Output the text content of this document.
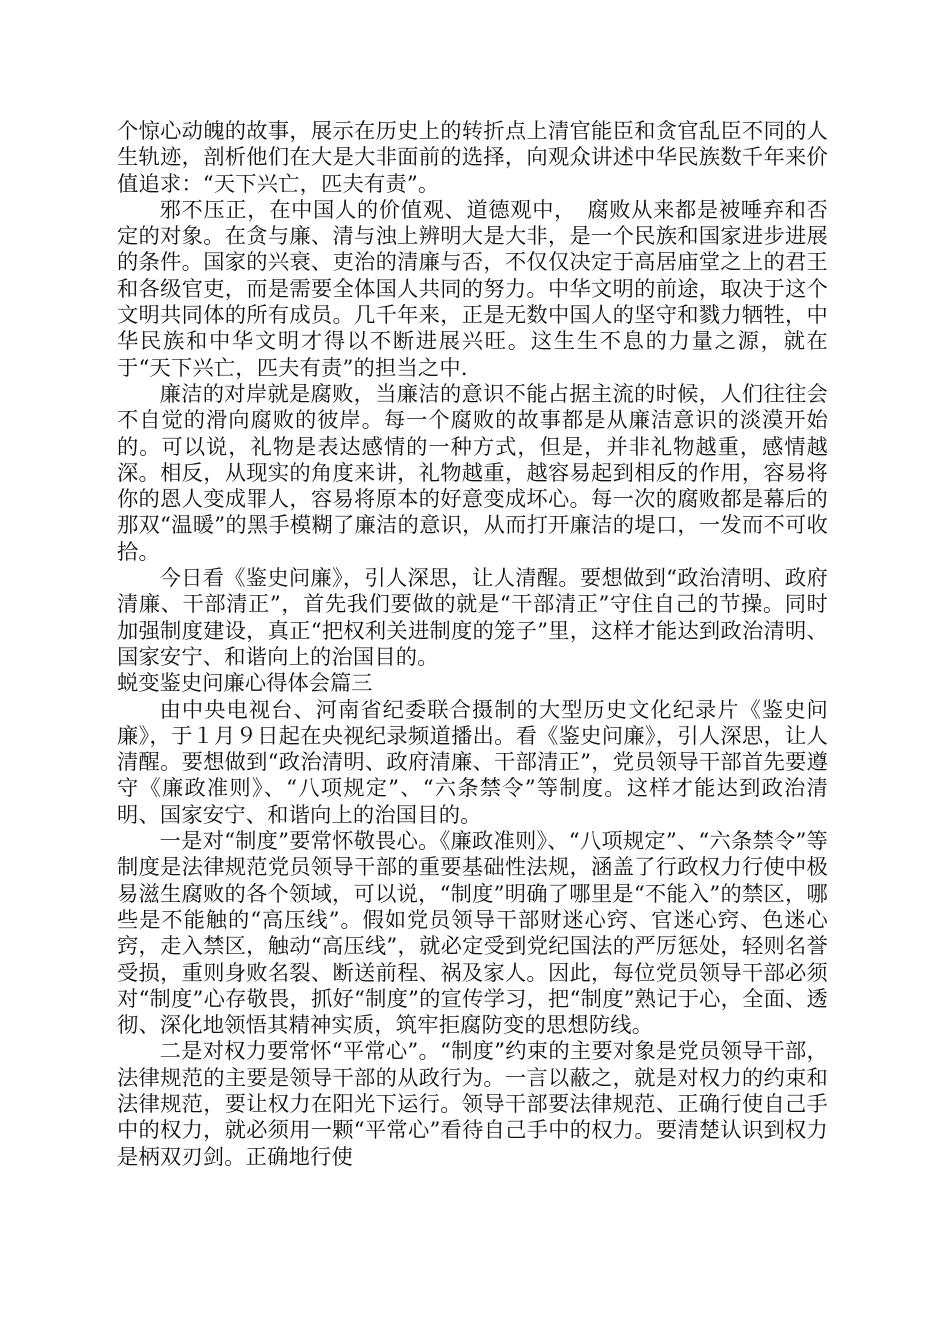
个惊心动魄的故事，展示在历史上的转折点上清官能臣和贪官乱臣不同的人生轨迹，剖析他们在大是大非面前的选择，向观众讲述中华民族数千年来价值追求：“天下兴亡，匹夫有责”。

邪不压正，在中国人的价值观、道德观中，　腐败从来都是被唾弃和否定的对象。在贪与廉、清与浊上辨明大是大非，是一个民族和国家进步进展的条件。国家的兴衰、吏治的清廉与否，不仅仅决定于高居庙堂之上的君王和各级官吏，而是需要全体国人共同的努力。中华文明的前途，取决于这个文明共同体的所有成员。几千年来，正是无数中国人的坚守和戮力牺牲，中华民族和中华文明才得以不断进展兴旺。这生生不息的力量之源，就在于“天下兴亡，匹夫有责”的担当之中.

廉洁的对岸就是腐败，当廉洁的意识不能占据主流的时候，人们往往会不自觉的滑向腐败的彼岸。每一个腐败的故事都是从廉洁意识的淡漠开始的。可以说，礼物是表达感情的一种方式，但是，并非礼物越重，感情越深。相反，从现实的角度来讲，礼物越重，越容易起到相反的作用，容易将你的恩人变成罪人，容易将原本的好意变成坏心。每一次的腐败都是幕后的那双“温暖”的黑手模糊了廉洁的意识，从而打开廉洁的堤口，一发而不可收拾。

今日看《鉴史问廉》，引人深思，让人清醒。要想做到“政治清明、政府清廉、干部清正”，首先我们要做的就是“干部清正”守住自己的节操。同时加强制度建设，真正“把权利关进制度的笼子”里，这样才能达到政治清明、国家安宁、和谐向上的治国目的。

蜕变鉴史问廉心得体会篇三

由中央电视台、河南省纪委联合摄制的大型历史文化纪录片《鉴史问廉》，于１月９日起在央视纪录频道播出。看《鉴史问廉》，引人深思，让人清醒。要想做到“政治清明、政府清廉、干部清正”，党员领导干部首先要遵守《廉政准则》、“八项规定”、“六条禁令”等制度。这样才能达到政治清明、国家安宁、和谐向上的治国目的。

一是对“制度”要常怀敬畏心。《廉政准则》、“八项规定”、“六条禁令”等制度是法律规范党员领导干部的重要基础性法规，涵盖了行政权力行使中极易滋生腐败的各个领域，可以说，“制度”明确了哪里是“不能入”的禁区，哪些是不能触的“高压线”。假如党员领导干部财迷心窍、官迷心窍、色迷心窍，走入禁区，触动“高压线”，就必定受到党纪国法的严厉惩处，轻则名誉受损，重则身败名裂、断送前程、祸及家人。因此，每位党员领导干部必须对“制度”心存敬畏，抓好“制度”的宣传学习，把“制度”熟记于心，全面、透彻、深化地领悟其精神实质，筑牢拒腐防变的思想防线。

二是对权力要常怀“平常心”。“制度”约束的主要对象是党员领导干部，法律规范的主要是领导干部的从政行为。一言以蔽之，就是对权力的约束和法律规范，要让权力在阳光下运行。领导干部要法律规范、正确行使自己手中的权力，就必须用一颗“平常心”看待自己手中的权力。要清楚认识到权力是柄双刃剑。正确地行使
